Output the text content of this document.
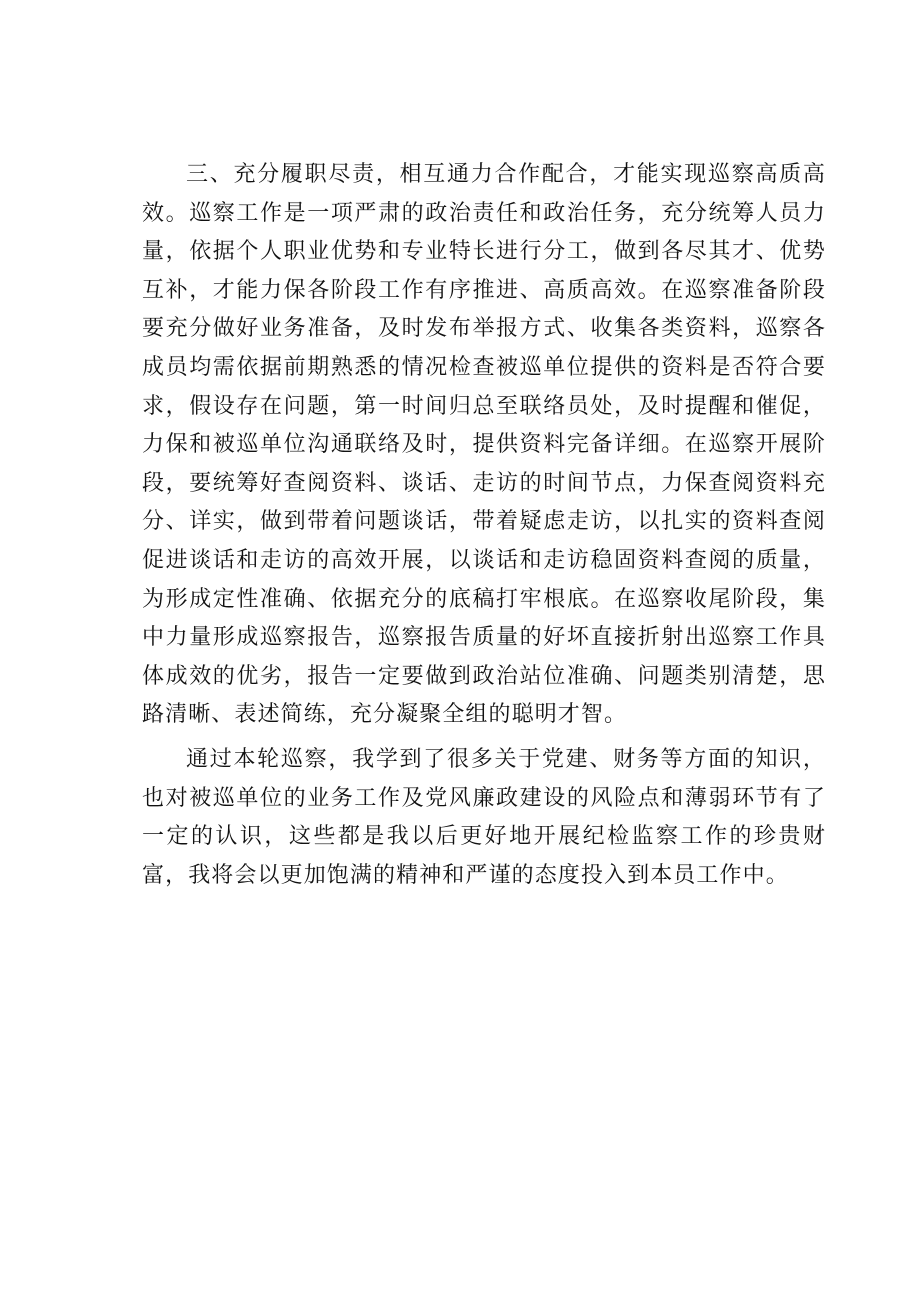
三、充分履职尽责，相互通力合作配合，才能实现巡察高质高效。巡察工作是一项严肃的政治责任和政治任务，充分统筹人员力量，依据个人职业优势和专业特长进行分工，做到各尽其才、优势互补，才能力保各阶段工作有序推进、高质高效。在巡察准备阶段要充分做好业务准备，及时发布举报方式、收集各类资料，巡察各成员均需依据前期熟悉的情况检查被巡单位提供的资料是否符合要求，假设存在问题，第一时间归总至联络员处，及时提醒和催促，力保和被巡单位沟通联络及时，提供资料完备详细。在巡察开展阶段，要统筹好查阅资料、谈话、走访的时间节点，力保查阅资料充分、详实，做到带着问题谈话，带着疑虑走访，以扎实的资料查阅促进谈话和走访的高效开展，以谈话和走访稳固资料查阅的质量，为形成定性准确、依据充分的底稿打牢根底。在巡察收尾阶段，集中力量形成巡察报告，巡察报告质量的好坏直接折射出巡察工作具体成效的优劣，报告一定要做到政治站位准确、问题类别清楚，思路清晰、表述简练，充分凝聚全组的聪明才智。

通过本轮巡察，我学到了很多关于党建、财务等方面的知识，也对被巡单位的业务工作及党风廉政建设的风险点和薄弱环节有了一定的认识，这些都是我以后更好地开展纪检监察工作的珍贵财富，我将会以更加饱满的精神和严谨的态度投入到本员工作中。
